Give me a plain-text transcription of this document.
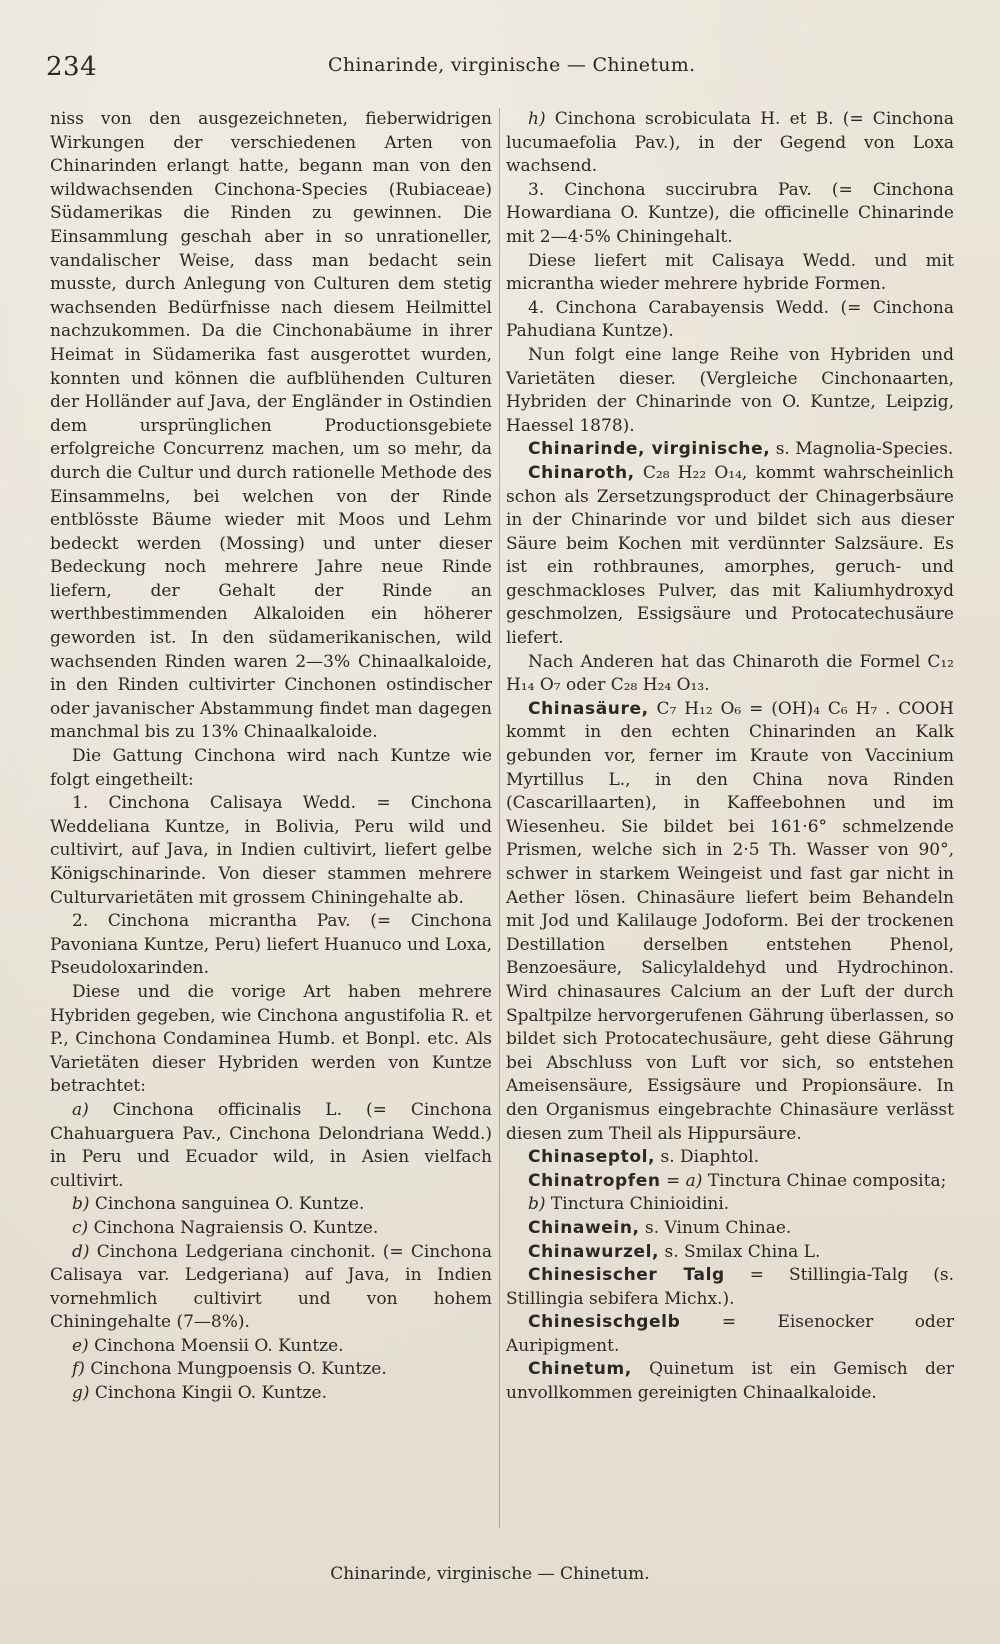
234	Chinarinde, virginische — Chinetum.

niss von den ausgezeichneten, fieberwidrigen Wirkungen der verschiedenen Arten von Chinarinden erlangt hatte, begann man von den wildwachsenden Cinchona-Species (Rubiaceae) Südamerikas die Rinden zu gewinnen. Die Einsammlung geschah aber in so unrationeller, vandalischer Weise, dass man bedacht sein musste, durch Anlegung von Culturen dem stetig wachsenden Bedürfnisse nach diesem Heilmittel nachzukommen. Da die Cinchonabäume in ihrer Heimat in Südamerika fast ausgerottet wurden, konnten und können die aufblühenden Culturen der Holländer auf Java, der Engländer in Ostindien dem ursprünglichen Productionsgebiete erfolgreiche Concurrenz machen, um so mehr, da durch die Cultur und durch rationelle Methode des Einsammelns, bei welchen von der Rinde entblösste Bäume wieder mit Moos und Lehm bedeckt werden (Mossing) und unter dieser Bedeckung noch mehrere Jahre neue Rinde liefern, der Gehalt der Rinde an werthbestimmenden Alkaloiden ein höherer geworden ist. In den südamerikanischen, wild wachsenden Rinden waren 2—3% Chinaalkaloide, in den Rinden cultivirter Cinchonen ostindischer oder javanischer Abstammung findet man dagegen manchmal bis zu 13% Chinaalkaloide.

Die Gattung Cinchona wird nach Kuntze wie folgt eingetheilt:

1. Cinchona Calisaya Wedd. = Cinchona Weddeliana Kuntze, in Bolivia, Peru wild und cultivirt, auf Java, in Indien cultivirt, liefert gelbe Königschinarinde. Von dieser stammen mehrere Culturvarietäten mit grossem Chiningehalte ab.

2. Cinchona micrantha Pav. (= Cinchona Pavoniana Kuntze, Peru) liefert Huanuco und Loxa, Pseudoloxarinden.

Diese und die vorige Art haben mehrere Hybriden gegeben, wie Cinchona angustifolia R. et P., Cinchona Condaminea Humb. et Bonpl. etc. Als Varietäten dieser Hybriden werden von Kuntze betrachtet:

a) Cinchona officinalis L. (= Cinchona Chahuarguera Pav., Cinchona Delondriana Wedd.) in Peru und Ecuador wild, in Asien vielfach cultivirt.

b) Cinchona sanguinea O. Kuntze.

c) Cinchona Nagraiensis O. Kuntze.

d) Cinchona Ledgeriana cinchonit. (= Cinchona Calisaya var. Ledgeriana) auf Java, in Indien vornehmlich cultivirt und von hohem Chiningehalte (7—8%).

e) Cinchona Moensii O. Kuntze.

f) Cinchona Mungpoensis O. Kuntze.

g) Cinchona Kingii O. Kuntze.

h) Cinchona scrobiculata H. et B. (= Cinchona lucumaefolia Pav.), in der Gegend von Loxa wachsend.

3. Cinchona succirubra Pav. (= Cinchona Howardiana O. Kuntze), die officinelle Chinarinde mit 2—4·5% Chiningehalt.

Diese liefert mit Calisaya Wedd. und mit micrantha wieder mehrere hybride Formen.

4. Cinchona Carabayensis Wedd. (= Cinchona Pahudiana Kuntze).

Nun folgt eine lange Reihe von Hybriden und Varietäten dieser. (Vergleiche Cinchonaarten, Hybriden der Chinarinde von O. Kuntze, Leipzig, Haessel 1878).

Chinarinde, virginische, s. Magnolia-Species.

Chinaroth, C₂₈ H₂₂ O₁₄, kommt wahrscheinlich schon als Zersetzungsproduct der Chinagerbsäure in der Chinarinde vor und bildet sich aus dieser Säure beim Kochen mit verdünnter Salzsäure. Es ist ein rothbraunes, amorphes, geruch- und geschmackloses Pulver, das mit Kaliumhydroxyd geschmolzen, Essigsäure und Protocatechusäure liefert.

Nach Anderen hat das Chinaroth die Formel C₁₂ H₁₄ O₇ oder C₂₈ H₂₄ O₁₃.

Chinasäure, C₇ H₁₂ O₆ = (OH)₄ C₆ H₇ . COOH kommt in den echten Chinarinden an Kalk gebunden vor, ferner im Kraute von Vaccinium Myrtillus L., in den China nova Rinden (Cascarillaarten), in Kaffeebohnen und im Wiesenheu. Sie bildet bei 161·6° schmelzende Prismen, welche sich in 2·5 Th. Wasser von 90°, schwer in starkem Weingeist und fast gar nicht in Aether lösen. Chinasäure liefert beim Behandeln mit Jod und Kalilauge Jodoform. Bei der trockenen Destillation derselben entstehen Phenol, Benzoesäure, Salicylaldehyd und Hydrochinon. Wird chinasaures Calcium an der Luft der durch Spaltpilze hervorgerufenen Gährung überlassen, so bildet sich Protocatechusäure, geht diese Gährung bei Abschluss von Luft vor sich, so entstehen Ameisensäure, Essigsäure und Propionsäure. In den Organismus eingebrachte Chinasäure verlässt diesen zum Theil als Hippursäure.

Chinaseptol, s. Diaphtol.

Chinatropfen = a) Tinctura Chinae composita;

b) Tinctura Chinioidini.

Chinawein, s. Vinum Chinae.

Chinawurzel, s. Smilax China L.

Chinesischer Talg = Stillingia-Talg (s. Stillingia sebifera Michx.).

Chinesischgelb = Eisenocker oder Auripigment.

Chinetum, Quinetum ist ein Gemisch der unvollkommen gereinigten Chinaalkaloide.

Chinarinde, virginische — Chinetum.
